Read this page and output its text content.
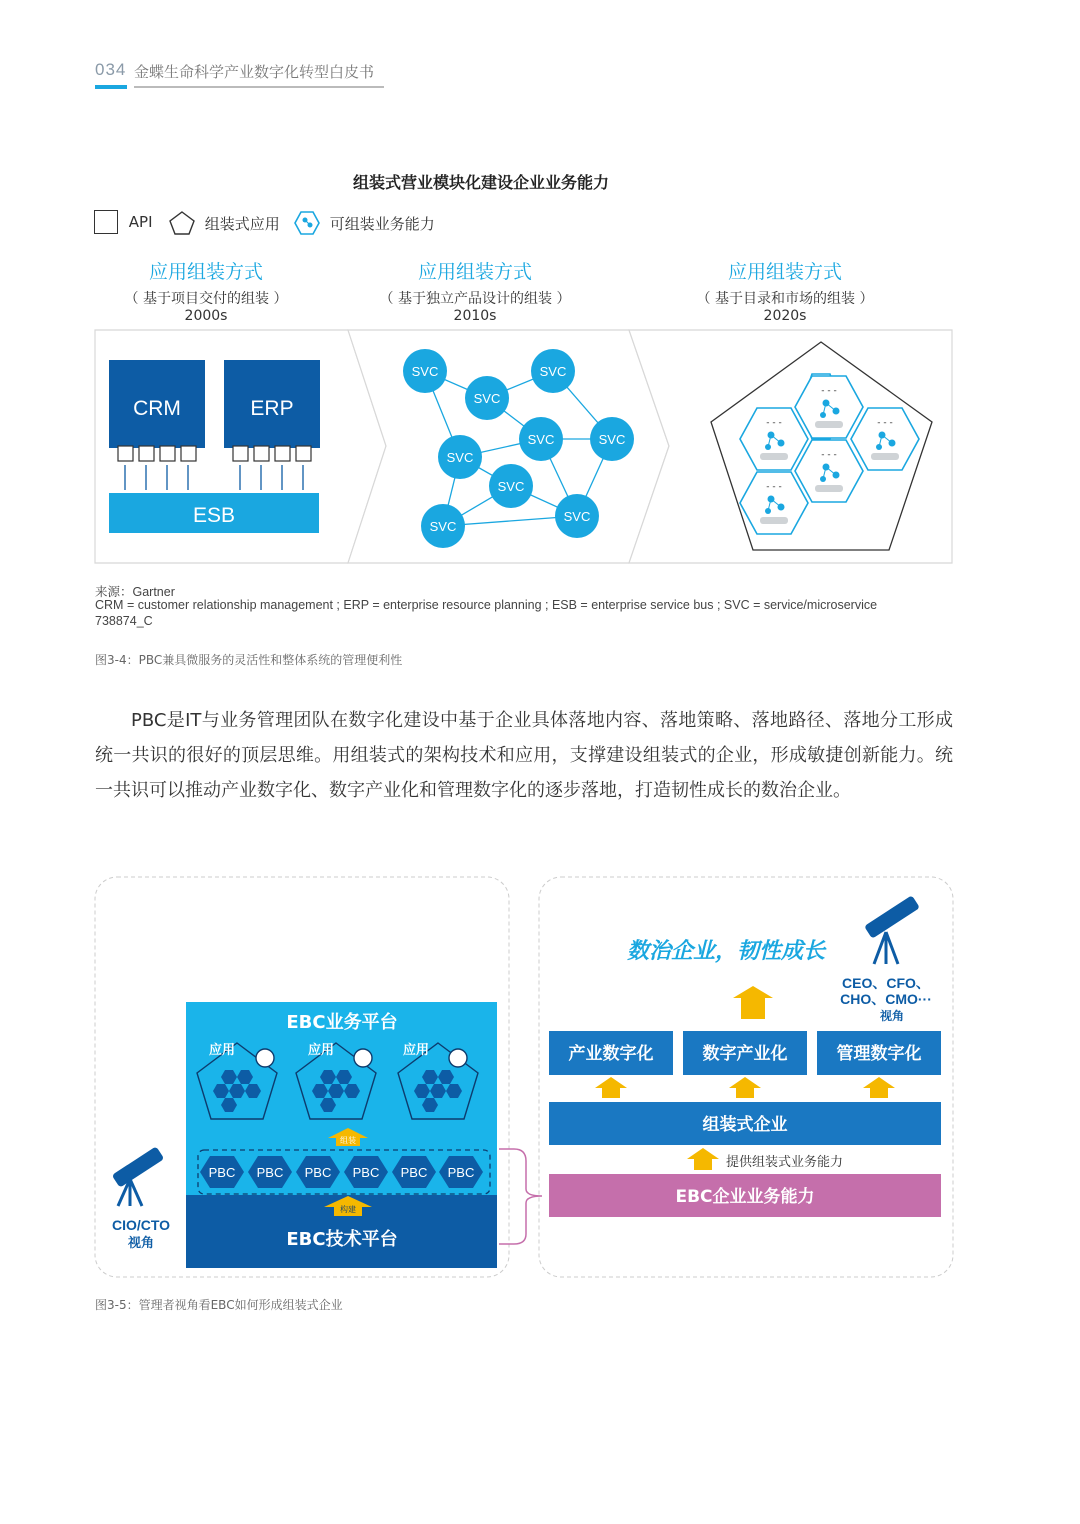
034 金蝶生命科学产业数字化转型白皮书
组装式营业模块化建设企业业务能力
API	组装式应用	可组装业务能力
应用组装方式
（ 基于项目交付的组装 ）
2000s
应用组装方式
（ 基于独立产品设计的组装 ）
2010s
应用组装方式
（ 基于目录和市场的组装 ）
2020s
CRM	ERP
ESB
SVC
SVC
SVC
SVC	SVC
SVC
SVC
SVC
SVC
- - -
- - -	- - -
- - -
- - -
来源：Gartner
CRM = customer relationship management ; ERP = enterprise resource planning ; ESB = enterprise service bus ; SVC = service/microservice
738874_C
图3-4：PBC兼具微服务的灵活性和整体系统的管理便利性
PBC是IT与业务管理团队在数字化建设中基于企业具体落地内容、落地策略、落地路径、落地分工形成统一共识的很好的顶层思维。用组装式的架构技术和应用，支撑建设组装式的企业，形成敏捷创新能力。统一共识可以推动产业数字化、数字产业化和管理数字化的逐步落地，打造韧性成长的数治企业。
EBC业务平台
应用	应用	应用
组装
PBC PBC PBC PBC PBC PBC
构建
EBC技术平台
CIO/CTO
视角
数治企业，韧性成长
CEO、CFO、
CHO、CMO···
视角
产业数字化	数字产业化	管理数字化
组装式企业
提供组装式业务能力
EBC企业业务能力
图3-5：管理者视角看EBC如何形成组装式企业
